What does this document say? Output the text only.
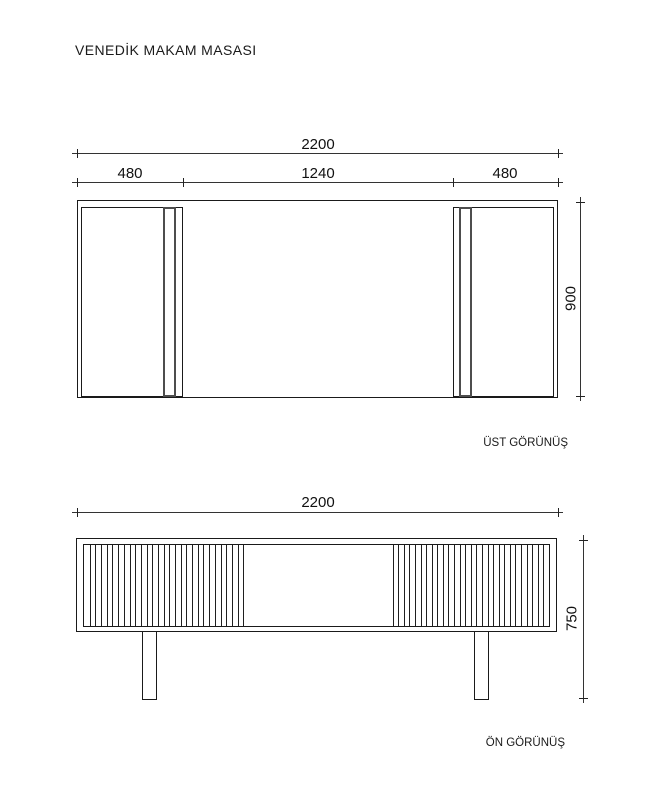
VENEDİK MAKAM MASASI
2200
480	1240	480
900
ÜST GÖRÜNÜŞ
2200
750
ÖN GÖRÜNÜŞ
